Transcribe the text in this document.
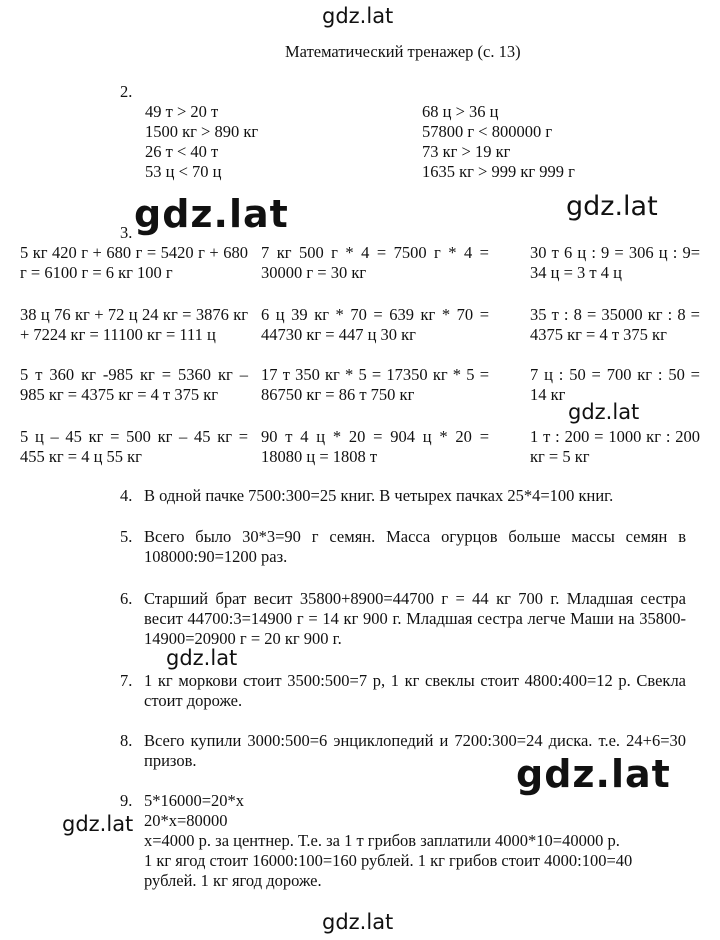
gdz.lat
gdz.lat	gdz.lat
gdz.lat
gdz.lat
gdz.lat
gdz.lat
gdz.lat
Математический тренажер (с. 13)
2.
49 т > 20 т
1500 кг > 890 кг
26 т < 40 т
53 ц < 70 ц
68 ц > 36 ц
57800 г < 800000 г
73 кг > 19 кг
1635 кг > 999 кг 999 г
3.
5 кг 420 г + 680 г = 5420 г + 680 г = 6100 г = 6 кг 100 г
7 кг 500 г * 4 = 7500 г * 4 = 30000 г = 30 кг
30 т 6 ц : 9 = 306 ц : 9= 34 ц = 3 т 4 ц
38 ц 76 кг + 72 ц 24 кг = 3876 кг + 7224 кг = 11100 кг = 111 ц
6 ц 39 кг * 70 = 639 кг * 70 = 44730 кг = 447 ц 30 кг
35 т : 8 = 35000 кг : 8 = 4375 кг = 4 т 375 кг
5 т 360 кг -985 кг = 5360 кг – 985 кг = 4375 кг = 4 т 375 кг
17 т 350 кг * 5 = 17350 кг * 5 = 86750 кг = 86 т 750 кг
7 ц : 50 = 700 кг : 50 = 14 кг
5 ц – 45 кг = 500 кг – 45 кг = 455 кг = 4 ц 55 кг
90 т 4 ц * 20 = 904 ц * 20 = 18080 ц = 1808 т
1 т : 200 = 1000 кг : 200 кг = 5 кг
4. В одной пачке 7500:300=25 книг. В четырех пачках 25*4=100 книг.
5. Всего было 30*3=90 г семян. Масса огурцов больше массы семян в 108000:90=1200 раз.
6. Старший брат весит 35800+8900=44700 г = 44 кг 700 г. Младшая сестра весит 44700:3=14900 г = 14 кг 900 г. Младшая сестра легче Маши на 35800-14900=20900 г = 20 кг 900 г.
7. 1 кг моркови стоит 3500:500=7 р, 1 кг свеклы стоит 4800:400=12 р. Свекла стоит дороже.
8. Всего купили 3000:500=6 энциклопедий и 7200:300=24 диска. т.е. 24+6=30 призов.
9. 5*16000=20*х
20*х=80000
х=4000 р. за центнер. Т.е. за 1 т грибов заплатили 4000*10=40000 р.
1 кг ягод стоит 16000:100=160 рублей. 1 кг грибов стоит 4000:100=40
рублей. 1 кг ягод дороже.
